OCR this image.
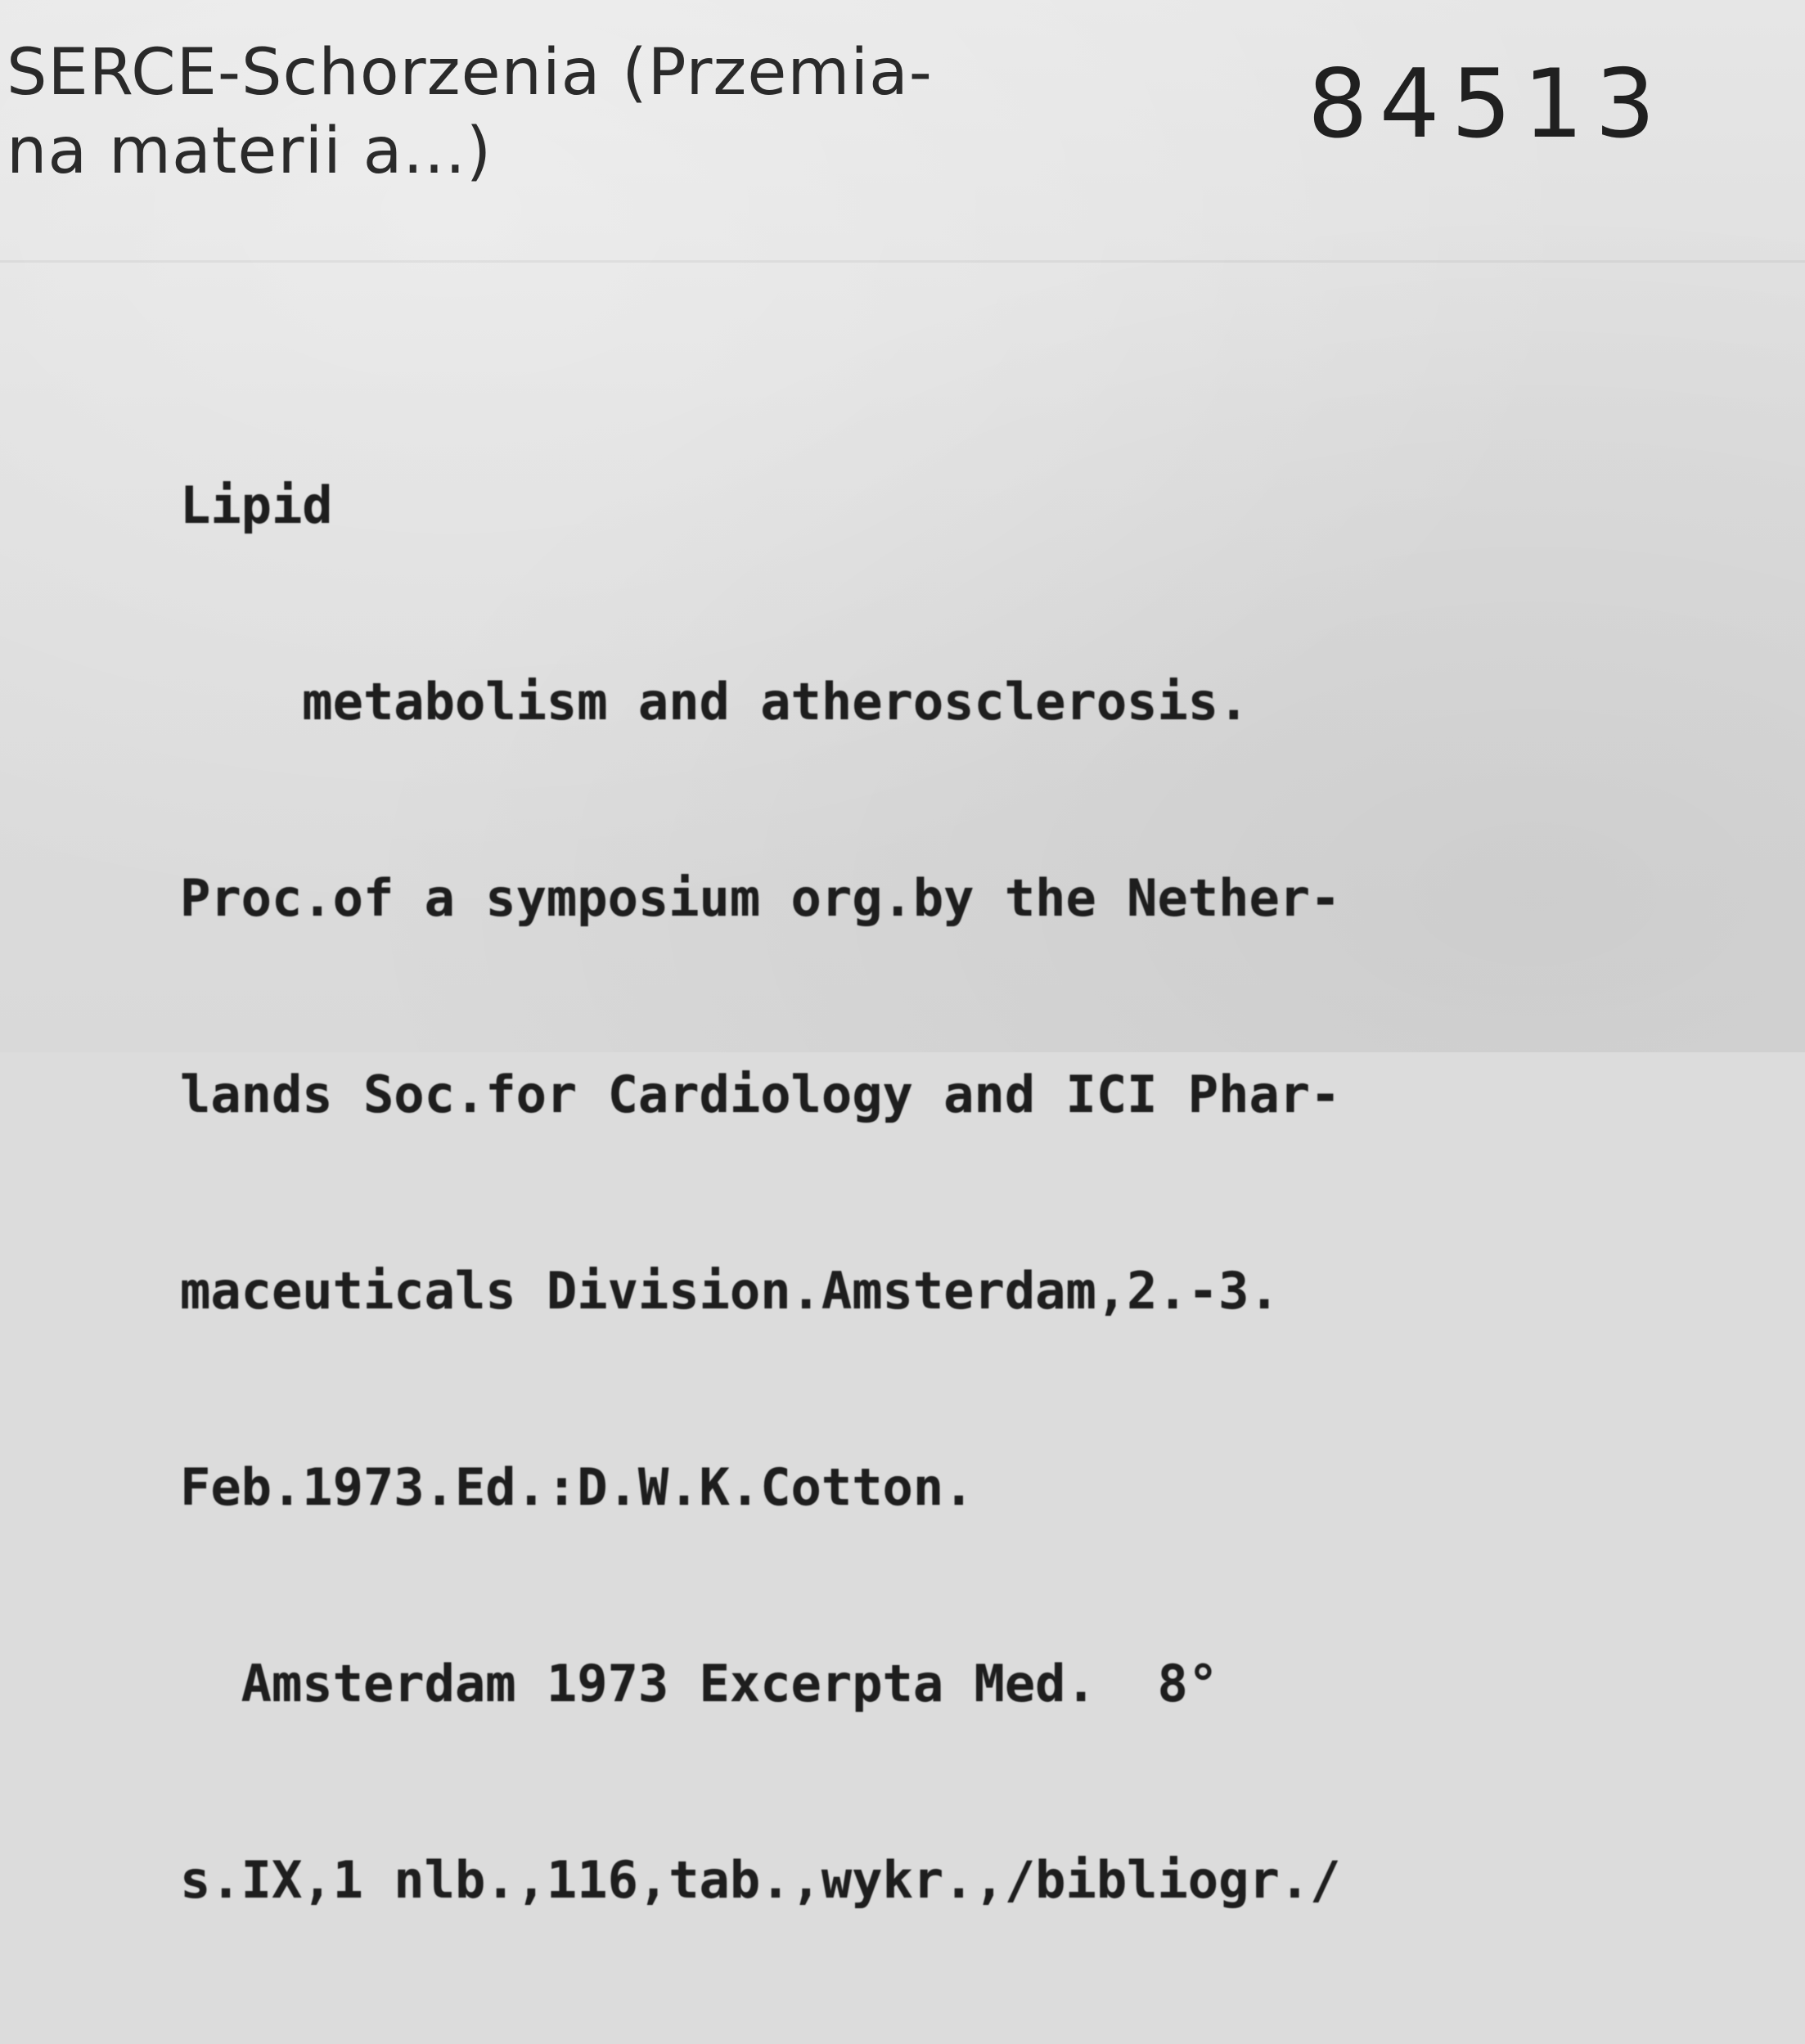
SERCE-Schorzenia (Przemia-
na materii a...)	84513

Lipid

metabolism and atherosclerosis.

Proc.of a symposium org.by the Nether-

lands Soc.for Cardiology and ICI Phar-

maceuticals Division.Amsterdam,2.-3.

Feb.1973.Ed.:D.W.K.Cotton.

Amsterdam 1973 Excerpta Med.  8°

s.IX,1 nlb.,116,tab.,wykr.,/bibliogr./
